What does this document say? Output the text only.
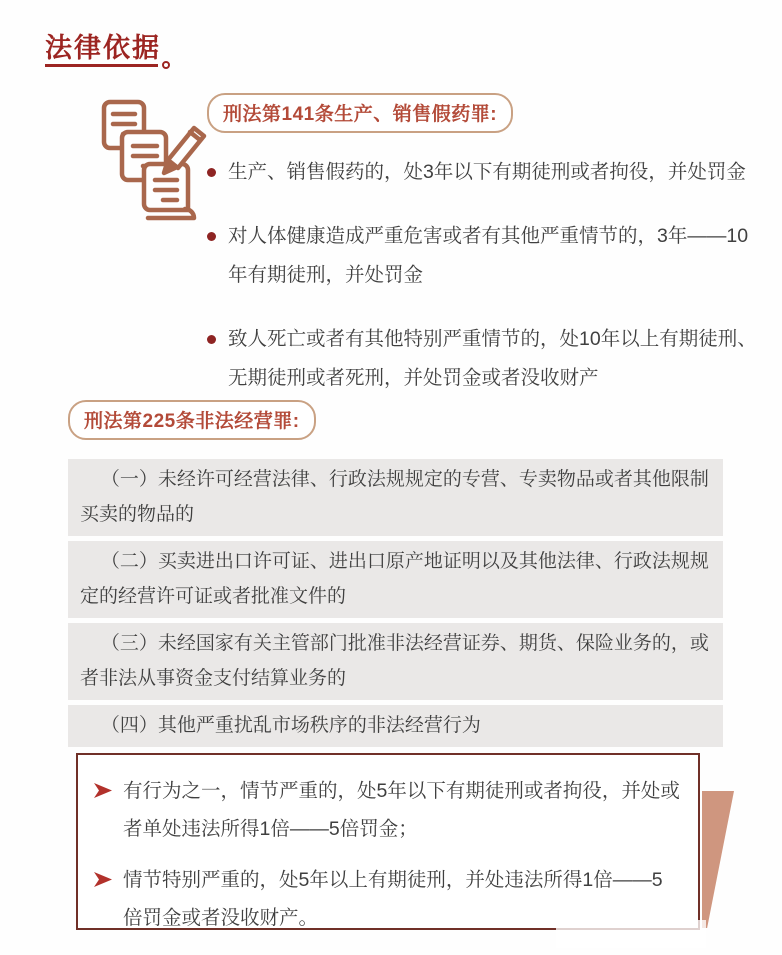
法律依据
刑法第141条生产、销售假药罪:
生产、销售假药的，处3年以下有期徒刑或者拘役，并处罚金
对人体健康造成严重危害或者有其他严重情节的，3年——10年有期徒刑，并处罚金
致人死亡或者有其他特别严重情节的，处10年以上有期徒刑、无期徒刑或者死刑，并处罚金或者没收财产
刑法第225条非法经营罪:
（一）未经许可经营法律、行政法规规定的专营、专卖物品或者其他限制买卖的物品的
（二）买卖进出口许可证、进出口原产地证明以及其他法律、行政法规规定的经营许可证或者批准文件的
（三）未经国家有关主管部门批准非法经营证券、期货、保险业务的，或者非法从事资金支付结算业务的
（四）其他严重扰乱市场秩序的非法经营行为
有行为之一，情节严重的，处5年以下有期徒刑或者拘役，并处或者单处违法所得1倍——5倍罚金；
情节特别严重的，处5年以上有期徒刑，并处违法所得1倍——5倍罚金或者没收财产。
